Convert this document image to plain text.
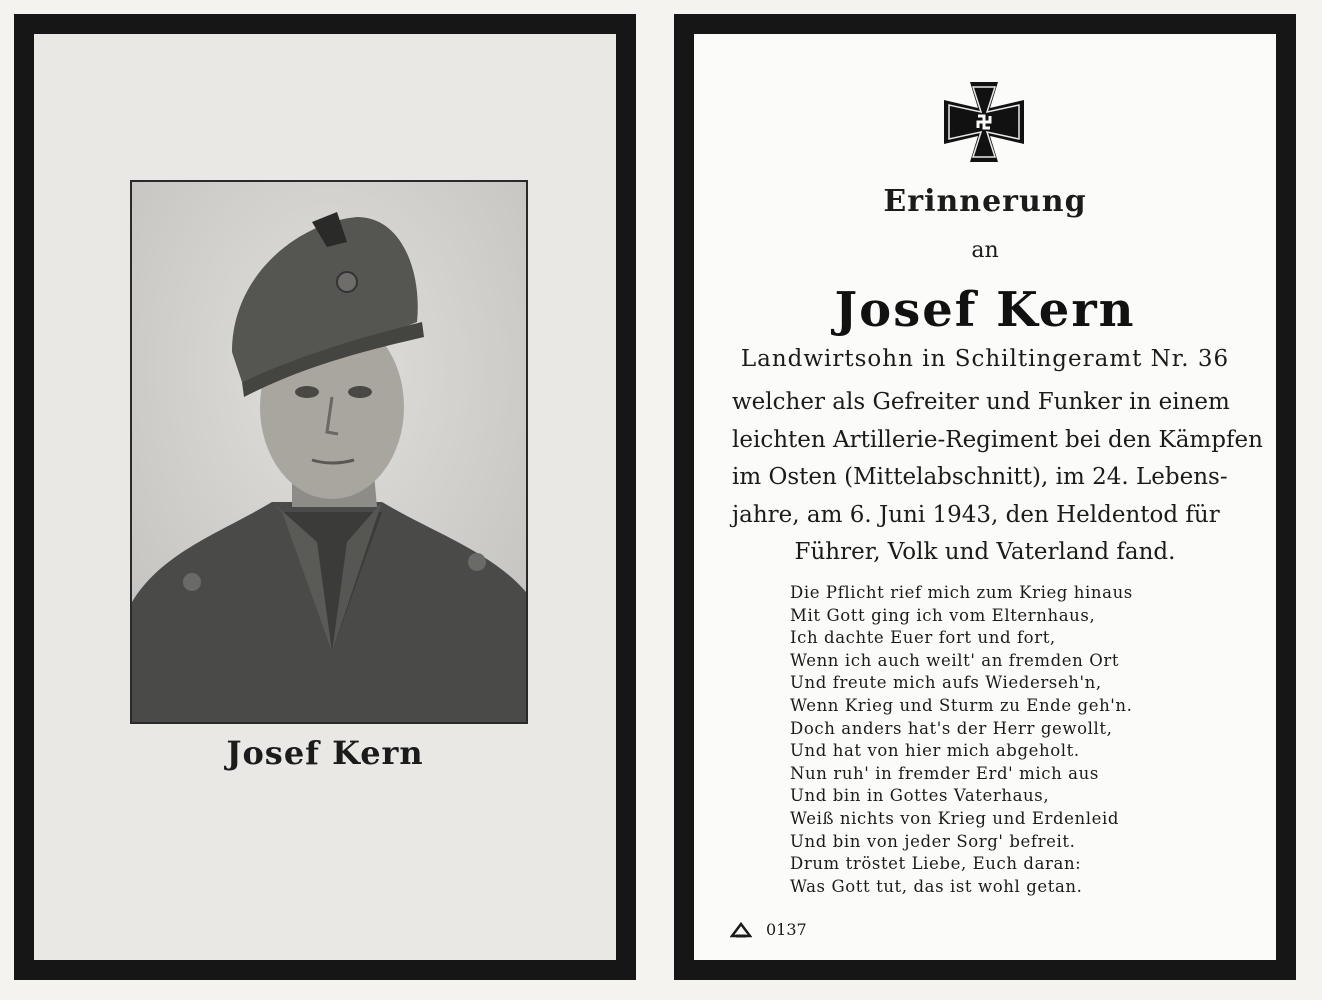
Josef Kern
1939
Erinnerung
an
Josef Kern
Landwirtsohn in Schiltingeramt Nr. 36
welcher als Gefreiter und Funker in einem
leichten Artillerie-Regiment bei den Kämpfen
im Osten (Mittelabschnitt), im 24. Lebens-
jahre, am 6. Juni 1943, den Heldentod für
Führer, Volk und Vaterland fand.
Die Pflicht rief mich zum Krieg hinaus
Mit Gott ging ich vom Elternhaus,
Ich dachte Euer fort und fort,
Wenn ich auch weilt' an fremden Ort
Und freute mich aufs Wiederseh'n,
Wenn Krieg und Sturm zu Ende geh'n.
Doch anders hat's der Herr gewollt,
Und hat von hier mich abgeholt.
Nun ruh' in fremder Erd' mich aus
Und bin in Gottes Vaterhaus,
Weiß nichts von Krieg und Erdenleid
Und bin von jeder Sorg' befreit.
Drum tröstet Liebe, Euch daran:
Was Gott tut, das ist wohl getan.
0137
